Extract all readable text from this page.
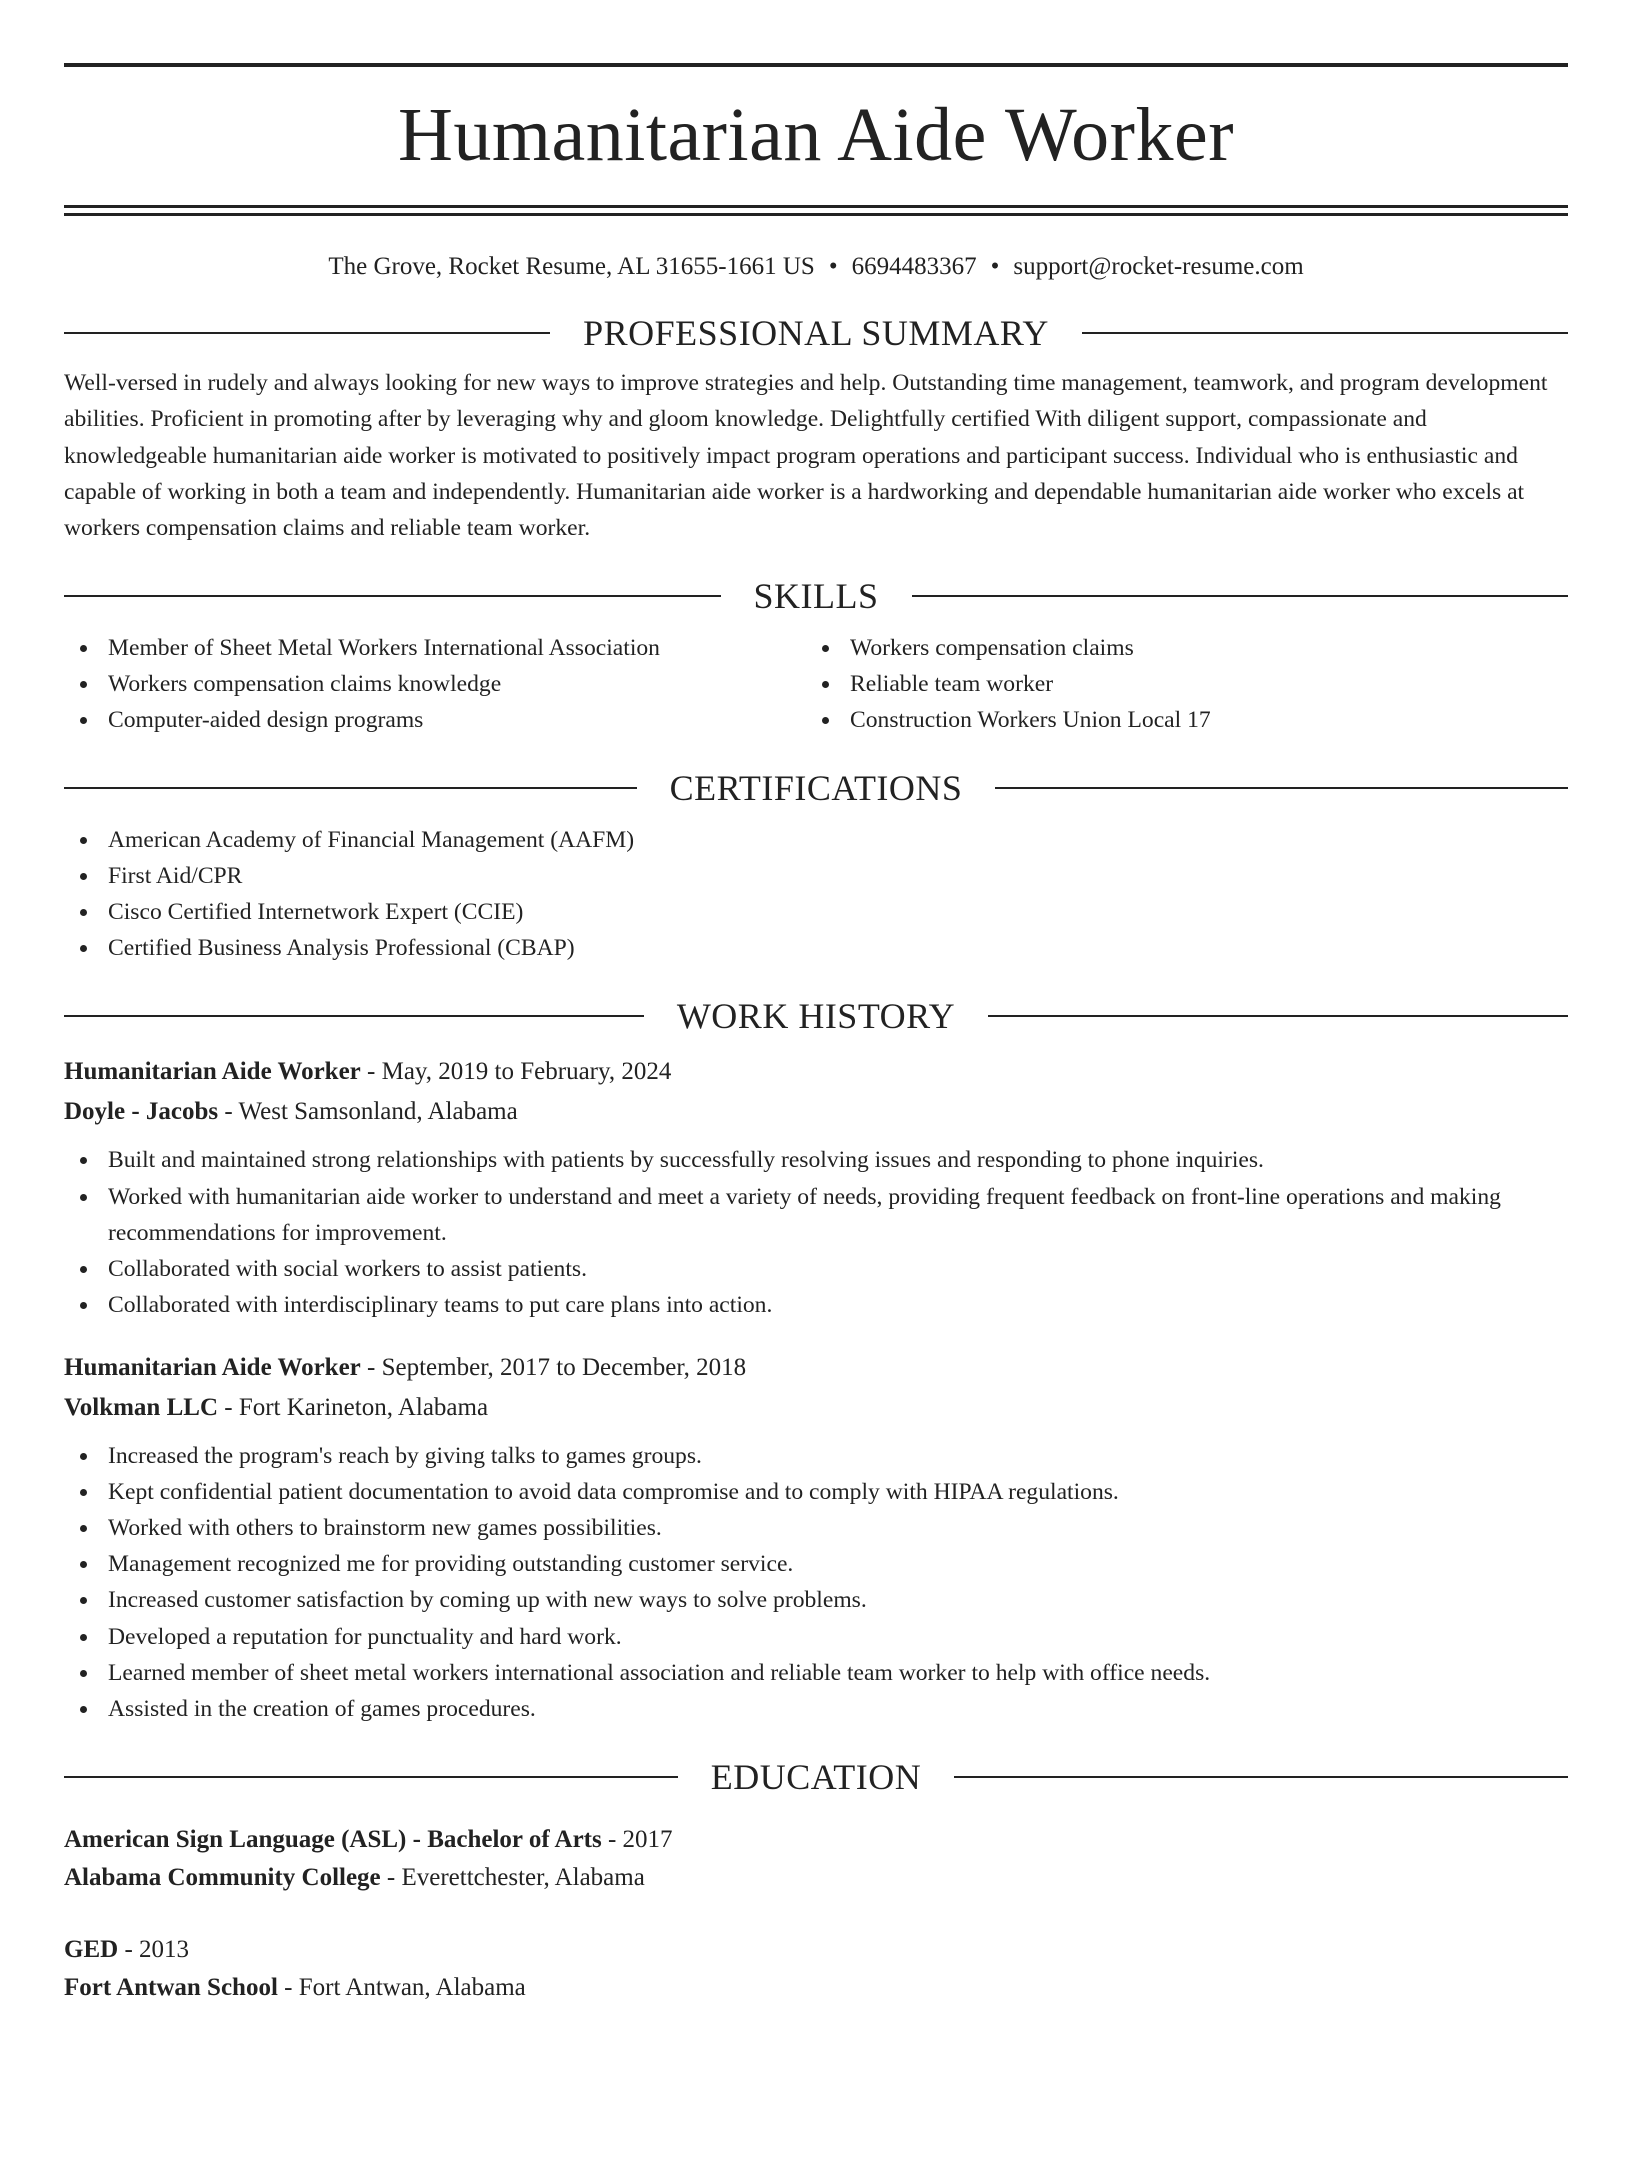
Humanitarian Aide Worker
The Grove, Rocket Resume, AL 31655-1661 US • 6694483367 • support@rocket-resume.com
PROFESSIONAL SUMMARY
Well-versed in rudely and always looking for new ways to improve strategies and help. Outstanding time management, teamwork, and program development abilities. Proficient in promoting after by leveraging why and gloom knowledge. Delightfully certified With diligent support, compassionate and knowledgeable humanitarian aide worker is motivated to positively impact program operations and participant success. Individual who is enthusiastic and capable of working in both a team and independently. Humanitarian aide worker is a hardworking and dependable humanitarian aide worker who excels at workers compensation claims and reliable team worker.
SKILLS
Member of Sheet Metal Workers International Association
Workers compensation claims knowledge
Computer-aided design programs
Workers compensation claims
Reliable team worker
Construction Workers Union Local 17
CERTIFICATIONS
American Academy of Financial Management (AAFM)
First Aid/CPR
Cisco Certified Internetwork Expert (CCIE)
Certified Business Analysis Professional (CBAP)
WORK HISTORY
Humanitarian Aide Worker - May, 2019 to February, 2024
Doyle - Jacobs - West Samsonland, Alabama
Built and maintained strong relationships with patients by successfully resolving issues and responding to phone inquiries.
Worked with humanitarian aide worker to understand and meet a variety of needs, providing frequent feedback on front-line operations and making recommendations for improvement.
Collaborated with social workers to assist patients.
Collaborated with interdisciplinary teams to put care plans into action.
Humanitarian Aide Worker - September, 2017 to December, 2018
Volkman LLC - Fort Karineton, Alabama
Increased the program's reach by giving talks to games groups.
Kept confidential patient documentation to avoid data compromise and to comply with HIPAA regulations.
Worked with others to brainstorm new games possibilities.
Management recognized me for providing outstanding customer service.
Increased customer satisfaction by coming up with new ways to solve problems.
Developed a reputation for punctuality and hard work.
Learned member of sheet metal workers international association and reliable team worker to help with office needs.
Assisted in the creation of games procedures.
EDUCATION
American Sign Language (ASL) - Bachelor of Arts - 2017
Alabama Community College - Everettchester, Alabama
GED - 2013
Fort Antwan School - Fort Antwan, Alabama
